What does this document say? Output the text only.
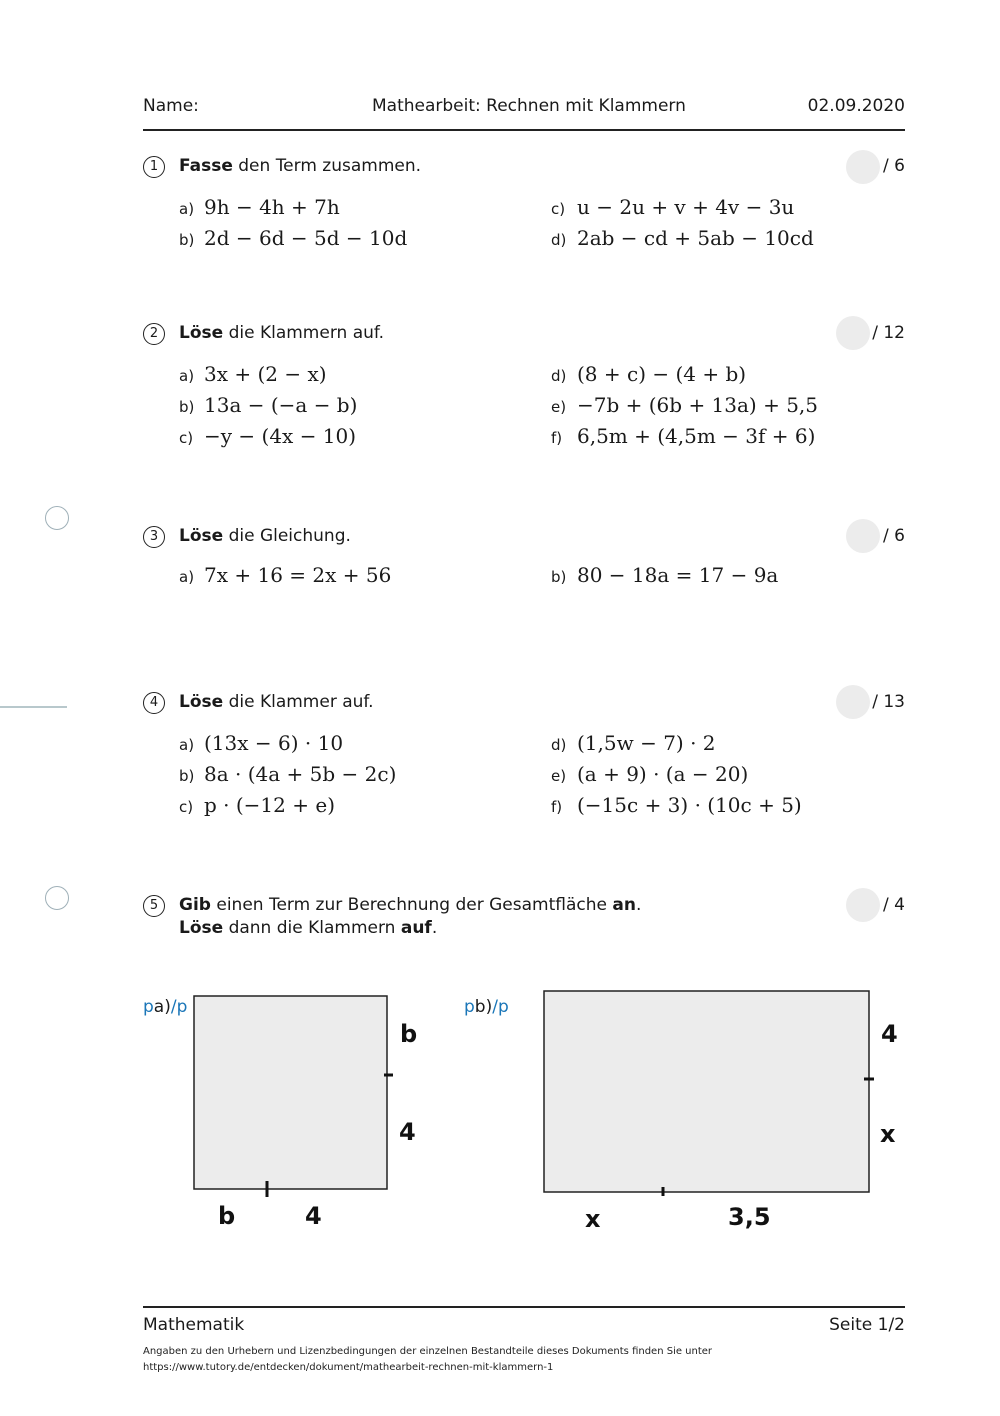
Name:	Mathearbeit: Rechnen mit Klammern	02.09.2020
1	Fasse den Term zusammen.	/ 6
a) 9h − 4h + 7h
b) 2d − 6d − 5d − 10d
c) u − 2u + v + 4v − 3u
d) 2ab − cd + 5ab − 10cd
2	Löse die Klammern auf.	/ 12
a) 3x + (2 − x)
b) 13a − (−a − b)
c) −y − (4x − 10)
d) (8 + c) − (4 + b)
e) −7b + (6b + 13a) + 5,5
f) 6,5m + (4,5m − 3f + 6)
3	Löse die Gleichung.	/ 6
a) 7x + 16 = 2x + 56	b) 80 − 18a = 17 − 9a
4	Löse die Klammer auf.	/ 13
a) (13x − 6) · 10
b) 8a · (4a + 5b − 2c)
c) p · (−12 + e)
d) (1,5w − 7) · 2
e) (a + 9) · (a − 20)
f) (−15c + 3) · (10c + 5)
5	Gib einen Term zur Berechnung der Gesamtfläche an.
Löse dann die Klammern auf.
/ 4
pa)/p
b
4
b	4
pb)/p
4
x
x	3,5
Mathematik	Seite 1/2
Angaben zu den Urhebern und Lizenzbedingungen der einzelnen Bestandteile dieses Dokuments finden Sie unter
https://www.tutory.de/entdecken/dokument/mathearbeit-rechnen-mit-klammern-1
